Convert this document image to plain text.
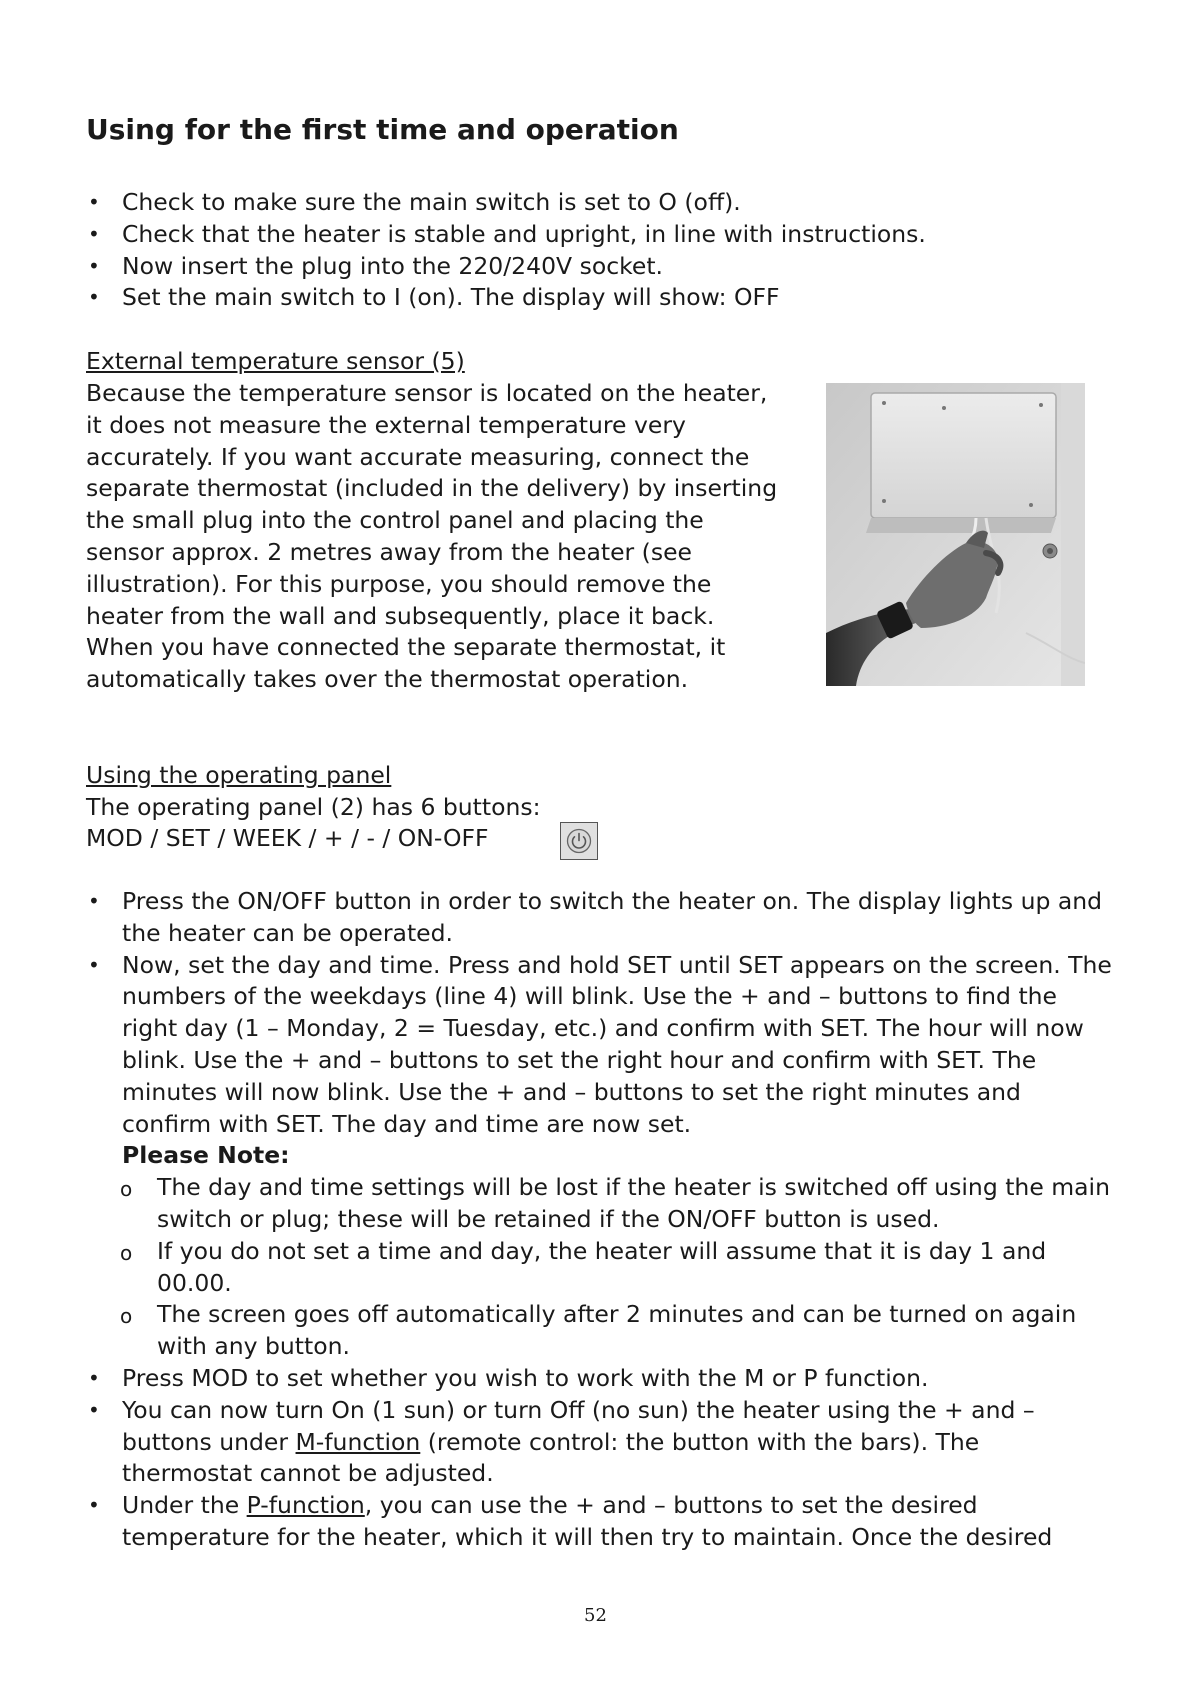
Using for the first time and operation
• Check to make sure the main switch is set to O (off).
• Check that the heater is stable and upright, in line with instructions.
• Now insert the plug into the 220/240V socket.
• Set the main switch to I (on). The display will show: OFF

External temperature sensor (5)

Because the temperature sensor is located on the heater,
it does not measure the external temperature very
accurately. If you want accurate measuring, connect the
separate thermostat (included in the delivery) by inserting
the small plug into the control panel and placing the
sensor approx. 2 metres away from the heater (see
illustration). For this purpose, you should remove the
heater from the wall and subsequently, place it back.
When you have connected the separate thermostat, it
automatically takes over the thermostat operation.

Using the operating panel

The operating panel (2) has 6 buttons:

MOD / SET / WEEK / + / - / ON-OFF

• Press the ON/OFF button in order to switch the heater on. The display lights up and the heater can be operated.
• Now, set the day and time. Press and hold SET until SET appears on the screen. The numbers of the weekdays (line 4) will blink. Use the + and – buttons to find the right day (1 – Monday, 2 = Tuesday, etc.) and confirm with SET. The hour will now blink. Use the + and – buttons to set the right hour and confirm with SET. The minutes will now blink. Use the + and – buttons to set the right minutes and confirm with SET. The day and time are now set.
Please Note:
o The day and time settings will be lost if the heater is switched off using the main switch or plug; these will be retained if the ON/OFF button is used.
o If you do not set a time and day, the heater will assume that it is day 1 and 00.00.
o The screen goes off automatically after 2 minutes and can be turned on again with any button.
• Press MOD to set whether you wish to work with the M or P function.
• You can now turn On (1 sun) or turn Off (no sun) the heater using the + and – buttons under M-function (remote control: the button with the bars). The thermostat cannot be adjusted.
• Under the P-function, you can use the + and – buttons to set the desired temperature for the heater, which it will then try to maintain. Once the desired
52
